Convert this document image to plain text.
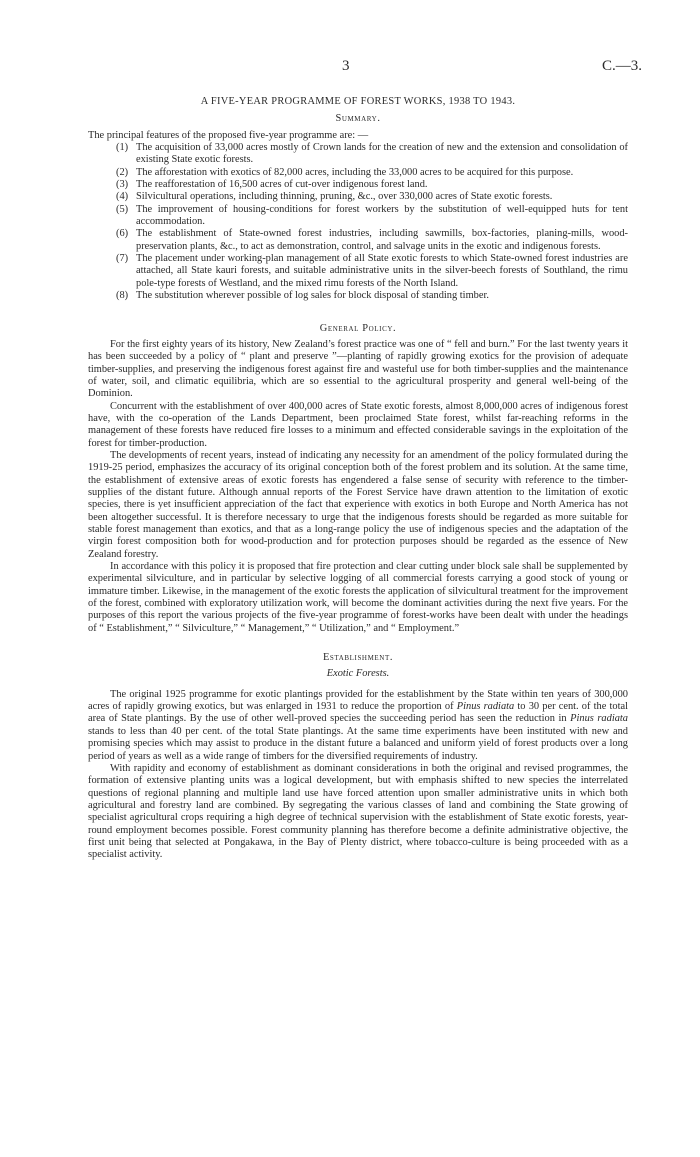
3	C.—3.

A FIVE-YEAR PROGRAMME OF FOREST WORKS, 1938 TO 1943.

Summary.

The principal features of the proposed five-year programme are: —

(1) The acquisition of 33,000 acres mostly of Crown lands for the creation of new and the extension and consolidation of existing State exotic forests.
(2) The afforestation with exotics of 82,000 acres, including the 33,000 acres to be acquired for this purpose.
(3) The reafforestation of 16,500 acres of cut-over indigenous forest land.
(4) Silvicultural operations, including thinning, pruning, &c., over 330,000 acres of State exotic forests.
(5) The improvement of housing-conditions for forest workers by the substitution of well-equipped huts for tent accommodation.
(6) The establishment of State-owned forest industries, including sawmills, box-factories, planing-mills, wood-preservation plants, &c., to act as demonstration, control, and salvage units in the exotic and indigenous forests.
(7) The placement under working-plan management of all State exotic forests to which State-owned forest industries are attached, all State kauri forests, and suitable administrative units in the silver-beech forests of Southland, the rimu pole-type forests of Westland, and the mixed rimu forests of the North Island.
(8) The substitution wherever possible of log sales for block disposal of standing timber.

General Policy.

For the first eighty years of its history, New Zealand’s forest practice was one of “ fell and burn.” For the last twenty years it has been succeeded by a policy of “ plant and preserve ”—planting of rapidly growing exotics for the provision of adequate timber-supplies, and preserving the indigenous forest against fire and wasteful use for both timber-supplies and the maintenance of water, soil, and climatic equilibria, which are so essential to the agricultural prosperity and general well-being of the Dominion.

Concurrent with the establishment of over 400,000 acres of State exotic forests, almost 8,000,000 acres of indigenous forest have, with the co-operation of the Lands Department, been proclaimed State forest, whilst far-reaching reforms in the management of these forests have reduced fire losses to a minimum and effected considerable savings in the exploitation of the forest for timber-production.

The developments of recent years, instead of indicating any necessity for an amendment of the policy formulated during the 1919-25 period, emphasizes the accuracy of its original conception both of the forest problem and its solution. At the same time, the establishment of extensive areas of exotic forests has engendered a false sense of security with reference to the timber-supplies of the distant future. Although annual reports of the Forest Service have drawn attention to the limitation of exotic species, there is yet insufficient appreciation of the fact that experience with exotics in both Europe and North America has not been altogether successful. It is therefore necessary to urge that the indigenous forests should be regarded as more suitable for stable forest management than exotics, and that as a long-range policy the use of indigenous species and the adaptation of the virgin forest composition both for wood-production and for protection purposes should be regarded as the essence of New Zealand forestry.

In accordance with this policy it is proposed that fire protection and clear cutting under block sale shall be supplemented by experimental silviculture, and in particular by selective logging of all commercial forests carrying a good stock of young or immature timber. Likewise, in the management of the exotic forests the application of silvicultural treatment for the improvement of the forest, combined with exploratory utilization work, will become the dominant activities during the next five years. For the purposes of this report the various projects of the five-year programme of forest-works have been dealt with under the headings of “ Establishment,” “ Silviculture,” “ Management,” “ Utilization,” and “ Employment.”

Establishment.

Exotic Forests.

The original 1925 programme for exotic plantings provided for the establishment by the State within ten years of 300,000 acres of rapidly growing exotics, but was enlarged in 1931 to reduce the proportion of Pinus radiata to 30 per cent. of the total area of State plantings. By the use of other well-proved species the succeeding period has seen the reduction in Pinus radiata stands to less than 40 per cent. of the total State plantings. At the same time experiments have been instituted with new and promising species which may assist to produce in the distant future a balanced and uniform yield of forest products over a long period of years as well as a wide range of timbers for the diversified requirements of industry.

With rapidity and economy of establishment as dominant considerations in both the original and revised programmes, the formation of extensive planting units was a logical development, but with emphasis shifted to new species the interrelated questions of regional planning and multiple land use have forced attention upon smaller administrative units in which both agricultural and forestry land are combined. By segregating the various classes of land and combining the State growing of specialist agricultural crops requiring a high degree of technical supervision with the establishment of State exotic forests, year-round employment becomes possible. Forest community planning has therefore become a definite administrative objective, the first unit being that selected at Pongakawa, in the Bay of Plenty district, where tobacco-culture is being proceeded with as a specialist activity.
